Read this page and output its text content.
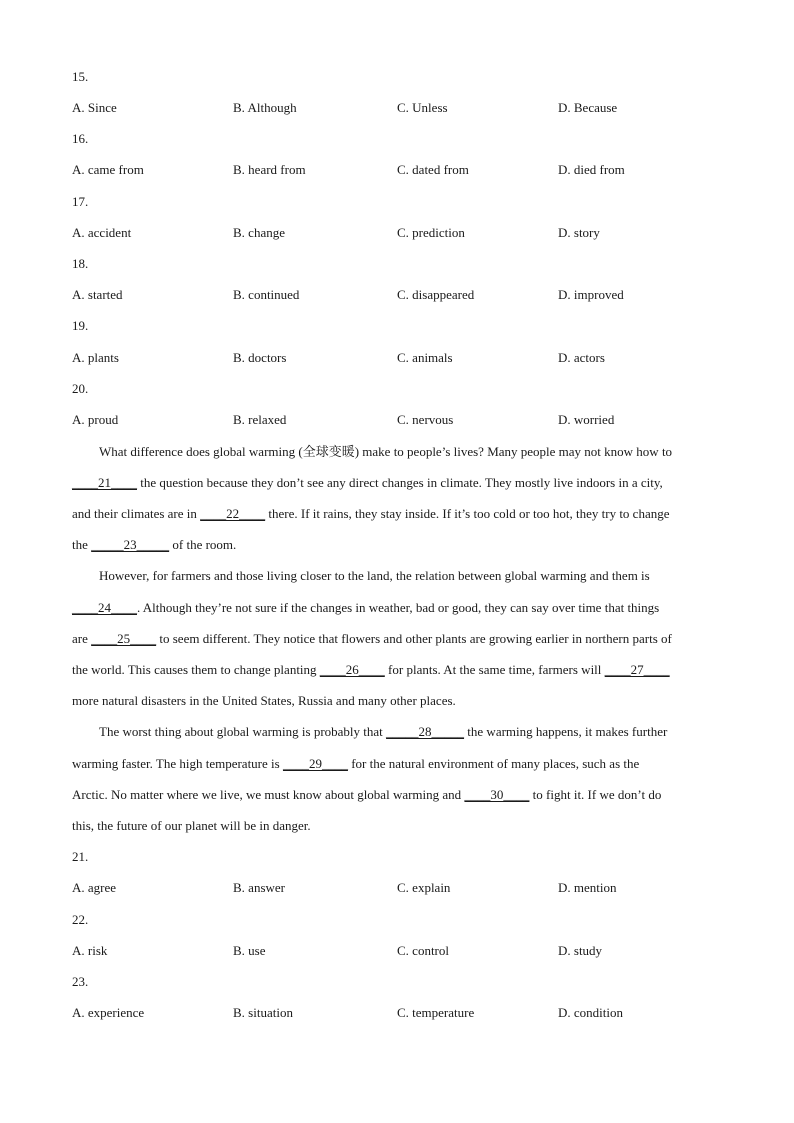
15.
A. Since	B. Although	C. Unless	D. Because
16.
A. came from	B. heard from	C. dated from	D. died from
17.
A. accident	B. change	C. prediction	D. story
18.
A. started	B. continued	C. disappeared	D. improved
19.
A. plants	B. doctors	C. animals	D. actors
20.
A. proud	B. relaxed	C. nervous	D. worried
What difference does global warming (全球变暖) make to people’s lives? Many people may not know how to
____21____ the question because they don’t see any direct changes in climate. They mostly live indoors in a city,
and their climates are in ____22____ there. If it rains, they stay inside. If it’s too cold or too hot, they try to change
the _____23_____ of the room.
However, for farmers and those living closer to the land, the relation between global warming and them is
____24____. Although they’re not sure if the changes in weather, bad or good, they can say over time that things
are ____25____ to seem different. They notice that flowers and other plants are growing earlier in northern parts of
the world. This causes them to change planting ____26____ for plants. At the same time, farmers will ____27____
more natural disasters in the United States, Russia and many other places.
The worst thing about global warming is probably that _____28_____ the warming happens, it makes further
warming faster. The high temperature is ____29____ for the natural environment of many places, such as the
Arctic. No matter where we live, we must know about global warming and ____30____ to fight it. If we don’t do
this, the future of our planet will be in danger.
21.
A. agree	B. answer	C. explain	D. mention
22.
A. risk	B. use	C. control	D. study
23.
A. experience	B. situation	C. temperature	D. condition
